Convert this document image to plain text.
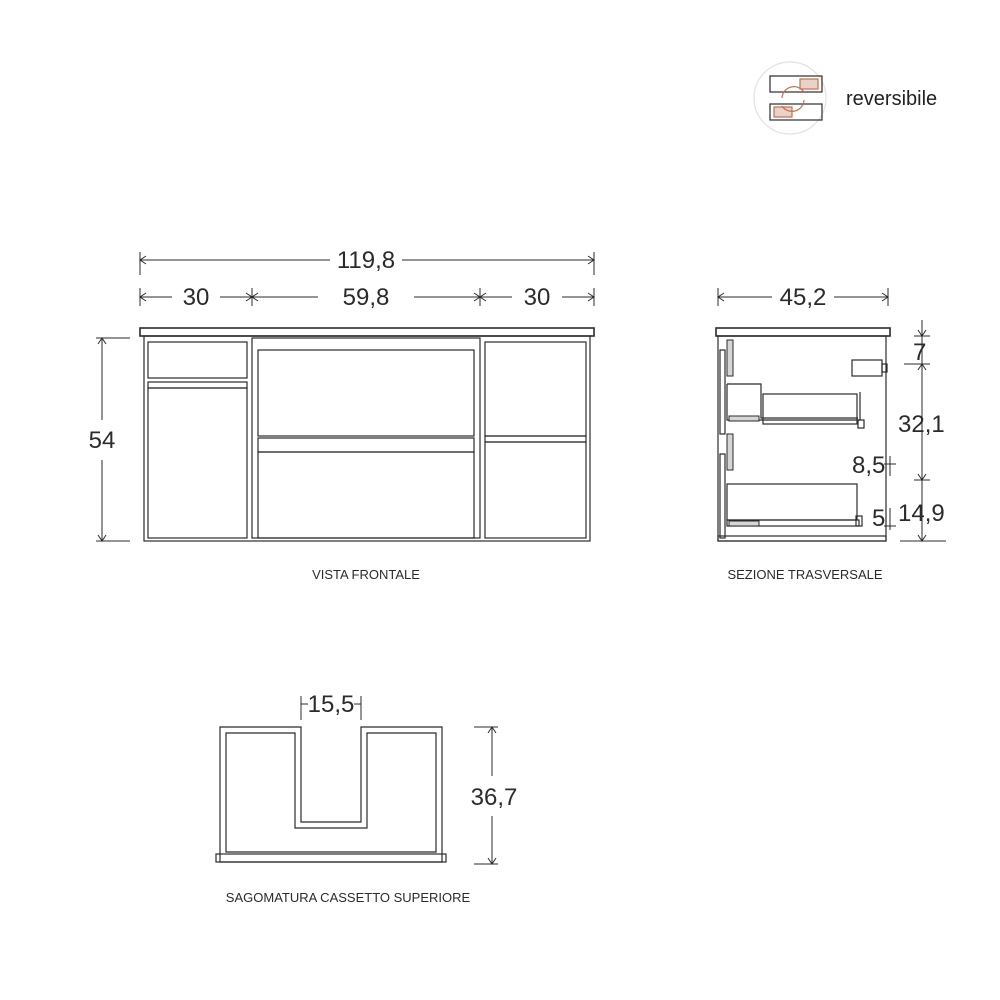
reversibile
119,8
30	59,8	30
54
VISTA FRONTALE
45,2
7
32,1
14,9
8,5
5
SEZIONE TRASVERSALE
15,5
36,7
SAGOMATURA CASSETTO SUPERIORE
